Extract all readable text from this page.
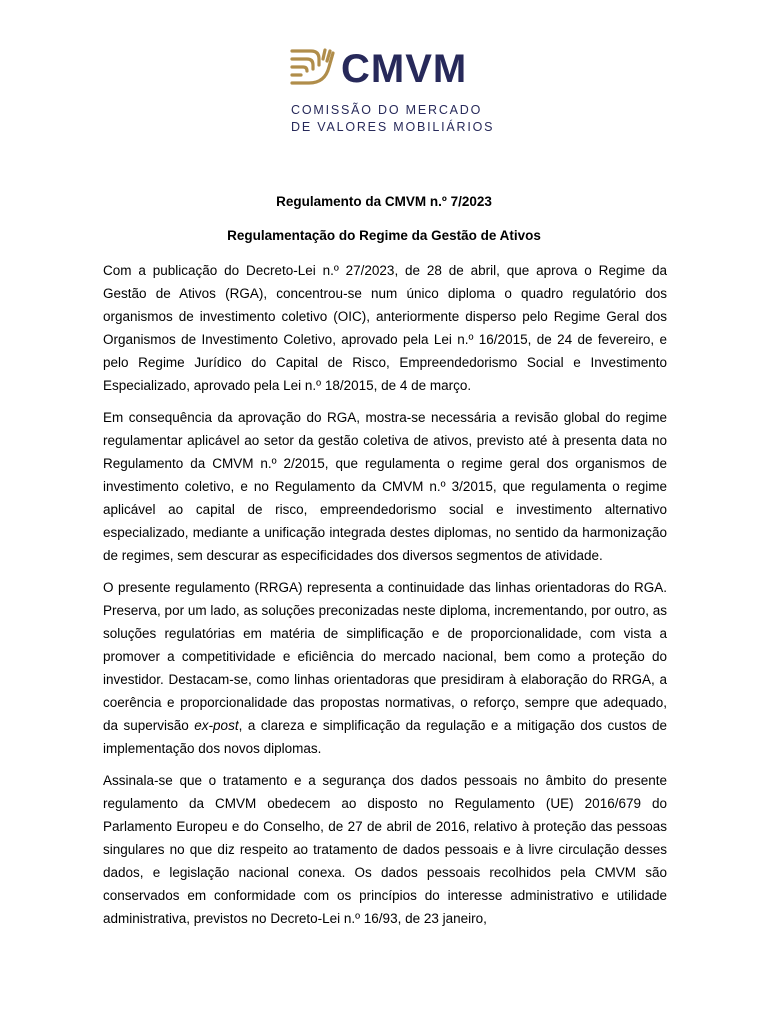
CMVM
COMISSÃO DO MERCADO
DE VALORES MOBILIÁRIOS
Regulamento da CMVM n.º 7/2023
Regulamentação do Regime da Gestão de Ativos

Com a publicação do Decreto-Lei n.º 27/2023, de 28 de abril, que aprova o Regime da Gestão de Ativos (RGA), concentrou-se num único diploma o quadro regulatório dos organismos de investimento coletivo (OIC), anteriormente disperso pelo Regime Geral dos Organismos de Investimento Coletivo, aprovado pela Lei n.º 16/2015, de 24 de fevereiro, e pelo Regime Jurídico do Capital de Risco, Empreendedorismo Social e Investimento Especializado, aprovado pela Lei n.º 18/2015, de 4 de março.

Em consequência da aprovação do RGA, mostra-se necessária a revisão global do regime regulamentar aplicável ao setor da gestão coletiva de ativos, previsto até à presenta data no Regulamento da CMVM n.º 2/2015, que regulamenta o regime geral dos organismos de investimento coletivo, e no Regulamento da CMVM n.º 3/2015, que regulamenta o regime aplicável ao capital de risco, empreendedorismo social e investimento alternativo especializado, mediante a unificação integrada destes diplomas, no sentido da harmonização de regimes, sem descurar as especificidades dos diversos segmentos de atividade.

O presente regulamento (RRGA) representa a continuidade das linhas orientadoras do RGA. Preserva, por um lado, as soluções preconizadas neste diploma, incrementando, por outro, as soluções regulatórias em matéria de simplificação e de proporcionalidade, com vista a promover a competitividade e eficiência do mercado nacional, bem como a proteção do investidor. Destacam-se, como linhas orientadoras que presidiram à elaboração do RRGA, a coerência e proporcionalidade das propostas normativas, o reforço, sempre que adequado, da supervisão ex-post, a clareza e simplificação da regulação e a mitigação dos custos de implementação dos novos diplomas.

Assinala-se que o tratamento e a segurança dos dados pessoais no âmbito do presente regulamento da CMVM obedecem ao disposto no Regulamento (UE) 2016/679 do Parlamento Europeu e do Conselho, de 27 de abril de 2016, relativo à proteção das pessoas singulares no que diz respeito ao tratamento de dados pessoais e à livre circulação desses dados, e legislação nacional conexa. Os dados pessoais recolhidos pela CMVM são conservados em conformidade com os princípios do interesse administrativo e utilidade administrativa, previstos no Decreto-Lei n.º 16/93, de 23 janeiro,
